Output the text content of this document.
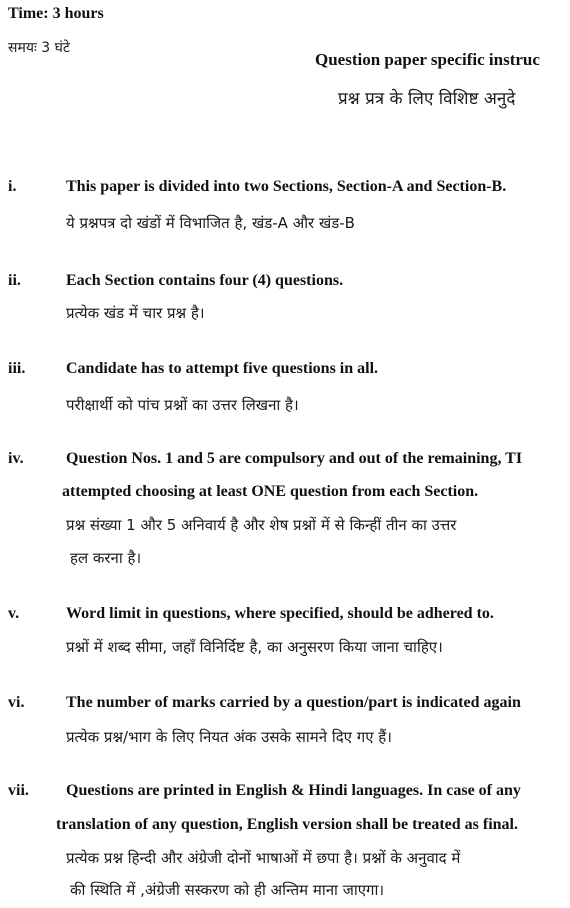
Time: 3 hours
समयः 3 घंटे
Question paper specific instruc
प्रश्न प्रत्र के लिए विशिष्ट अनुदे
i.	This paper is divided into two Sections, Section-A and Section-B.
ये प्रश्नपत्र दो खंडों में विभाजित है, खंड-A और खंड-B
ii.	Each Section contains four (4) questions.
प्रत्येक खंड में चार प्रश्न है।
iii.	Candidate has to attempt five questions in all.
परीक्षार्थी को पांच प्रश्नों का उत्तर लिखना है।
iv.	Question Nos. 1 and 5 are compulsory and out of the remaining, TI
attempted choosing at least ONE question from each Section.
प्रश्न संख्या 1 और 5 अनिवार्य है और शेष प्रश्नों में से किन्हीं तीन का उत्तर
हल करना है।
v.	Word limit in questions, where specified, should be adhered to.
प्रश्नों में शब्द सीमा, जहाँ विनिर्दिष्ट है, का अनुसरण किया जाना चाहिए।
vi.	The number of marks carried by a question/part is indicated again
प्रत्येक प्रश्न/भाग के लिए नियत अंक उसके सामने दिए गए हैं।
vii. Questions are printed in English & Hindi languages. In case of any
translation of any question, English version shall be treated as final.
प्रत्येक प्रश्न हिन्दी और अंग्रेजी दोनों भाषाओं में छपा है। प्रश्नों के अनुवाद में
की स्थिति में ,अंग्रेजी सस्करण को ही अन्तिम माना जाएगा।
